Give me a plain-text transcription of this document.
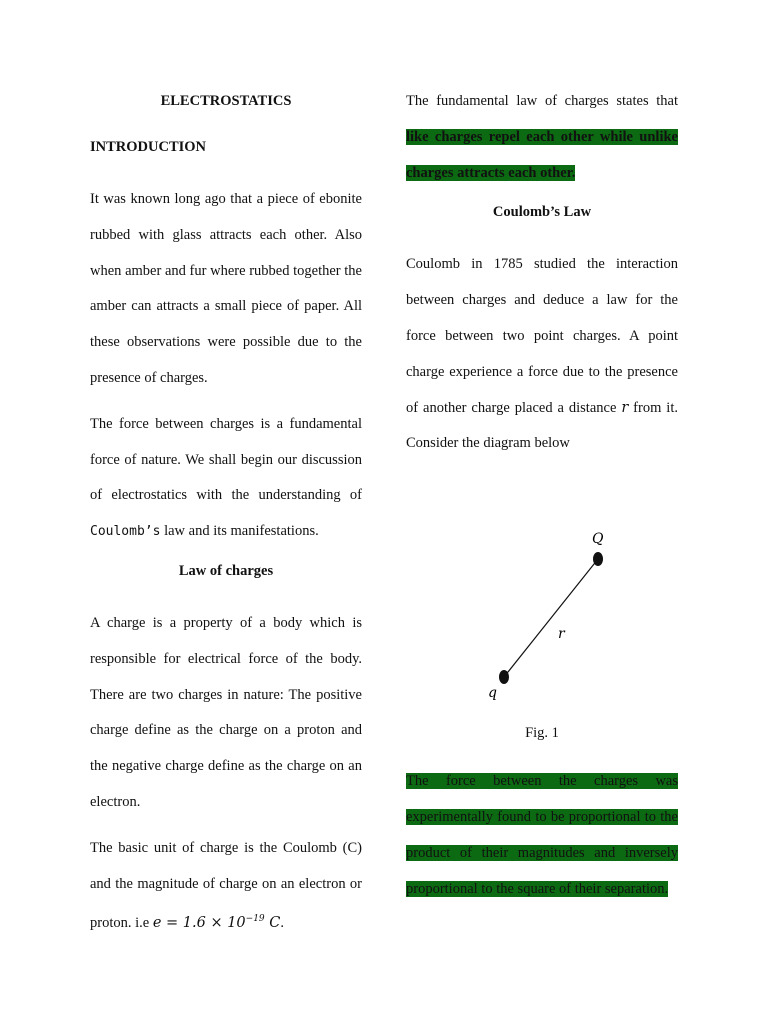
ELECTROSTATICS
INTRODUCTION

It was known long ago that a piece of ebonite rubbed with glass attracts each other. Also when amber and fur where rubbed together the amber can attracts a small piece of paper. All these observations were possible due to the presence of charges.

The force between charges is a fundamental force of nature. We shall begin our discussion of electrostatics with the understanding of Coulomb’s law and its manifestations.

Law of charges

A charge is a property of a body which is responsible for electrical force of the body. There are two charges in nature: The positive charge define as the charge on a proton and the negative charge define as the charge on an electron.

The basic unit of charge is the Coulomb (C) and the magnitude of charge on an electron or proton. i.e $e = 1.6 \times 10^{-19}$ C.

The fundamental law of charges states that like charges repel each other while unlike charges attracts each other.

Coulomb’s Law

Coulomb in 1785 studied the interaction between charges and deduce a law for the force between two point charges. A point charge experience a force due to the presence of another charge placed a distance r from it. Consider the diagram below

Q
r
q
Fig. 1

The force between the charges was experimentally found to be proportional to the product of their magnitudes and inversely proportional to the square of their separation.
